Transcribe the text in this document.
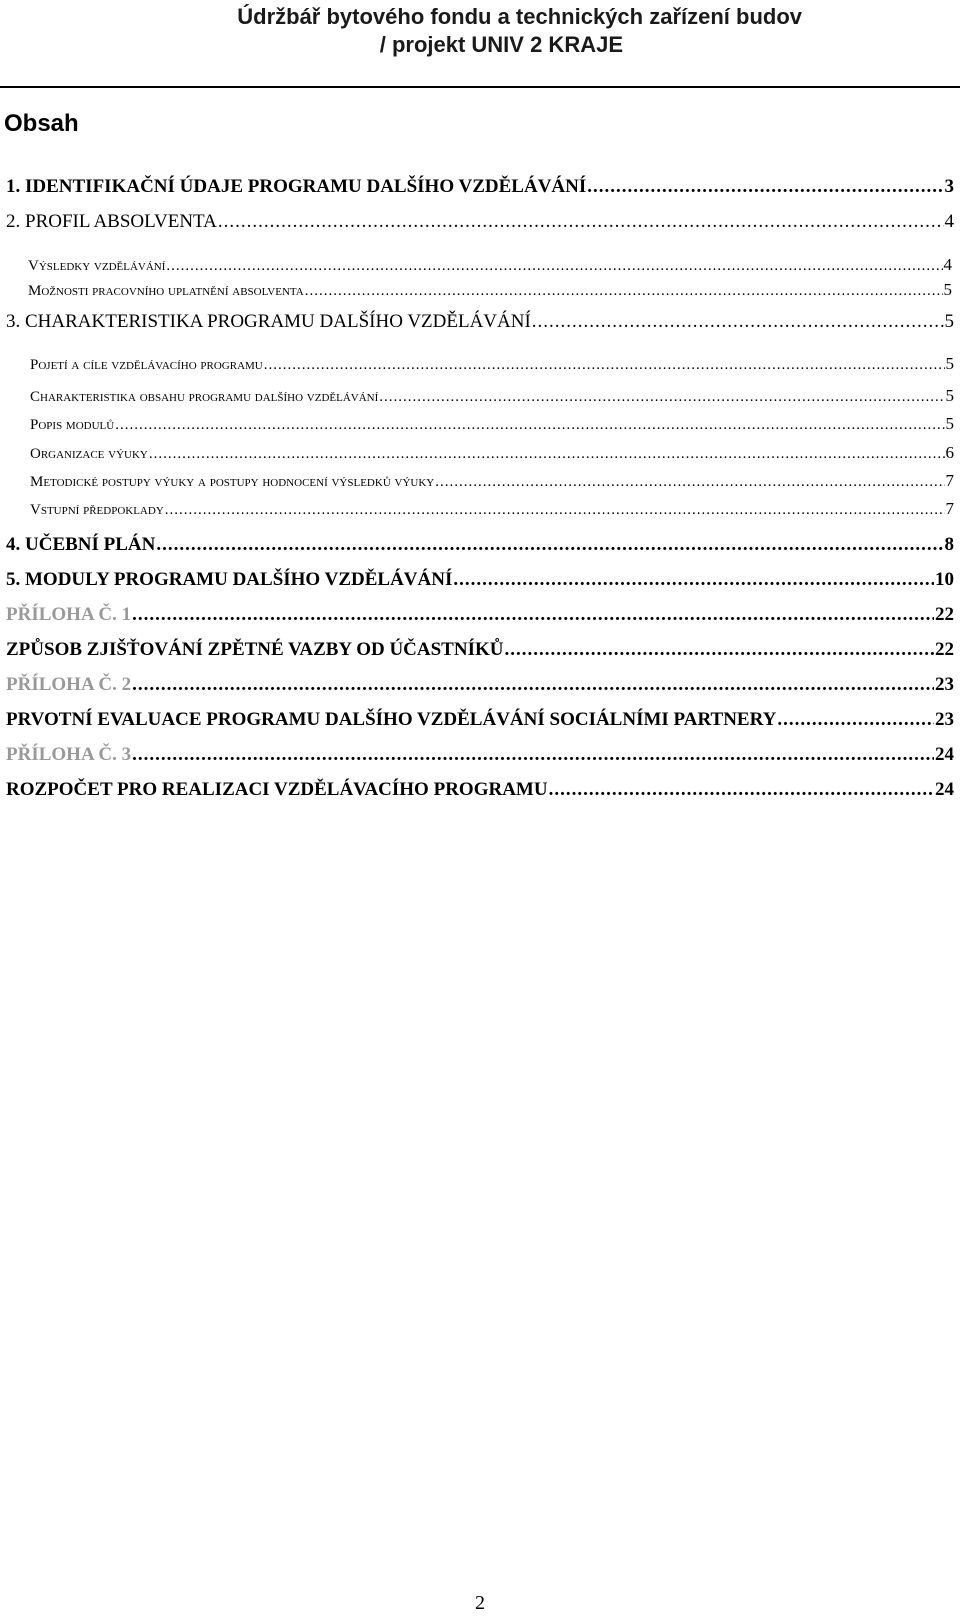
Údržbář bytového fondu a technických zařízení budov

/ projekt UNIV 2 KRAJE

Obsah
1. IDENTIFIKAČNÍ ÚDAJE PROGRAMU DALŠÍHO VZDĚLÁVÁNÍ .....	3
2. PROFIL ABSOLVENTA .....	4
Výsledky vzdělávání .....	4
Možnosti pracovního uplatnění absolventa .....	5
3. CHARAKTERISTIKA PROGRAMU DALŠÍHO VZDĚLÁVÁNÍ .....	5
Pojetí a cíle vzdělávacího programu .....	5
Charakteristika obsahu programu dalšího vzdělávání .....	5
Popis modulů .....	5
Organizace výuky .....	6
Metodické postupy výuky a postupy hodnocení výsledků výuky .....	7
Vstupní předpoklady .....	7
4. UČEBNÍ PLÁN .....	8
5. MODULY PROGRAMU DALŠÍHO VZDĚLÁVÁNÍ .....	10
PŘÍLOHA Č. 1 .....	22
ZPŮSOB ZJIŠŤOVÁNÍ ZPĚTNÉ VAZBY OD ÚČASTNÍKŮ .....	22
PŘÍLOHA Č. 2 .....	23
PRVOTNÍ EVALUACE PROGRAMU DALŠÍHO VZDĚLÁVÁNÍ SOCIÁLNÍMI PARTNERY .....	23
PŘÍLOHA Č. 3 .....	24
ROZPOČET PRO REALIZACI VZDĚLÁVACÍHO PROGRAMU .....	24
2
